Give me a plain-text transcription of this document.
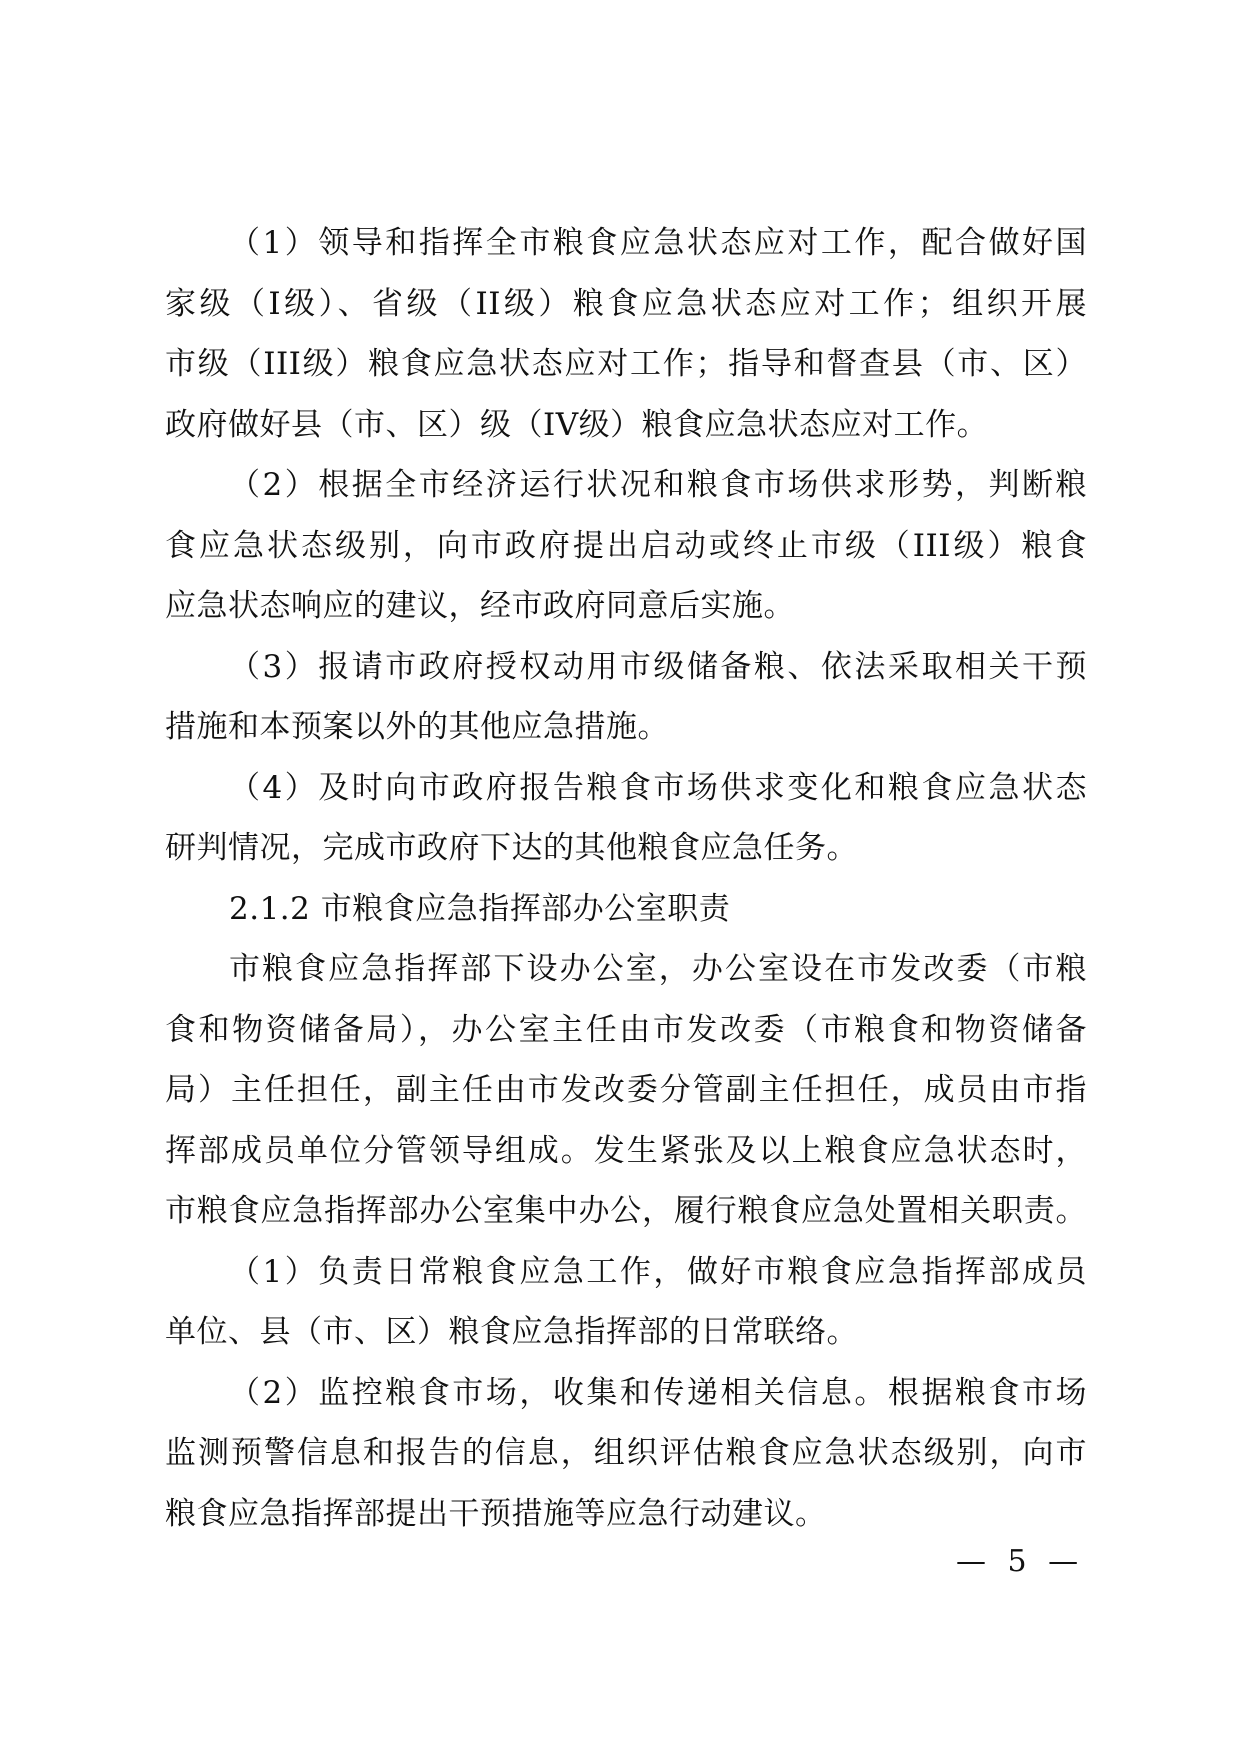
（1）领导和指挥全市粮食应急状态应对工作，配合做好国
家级（Ⅰ级）、省级（II级）粮食应急状态应对工作；组织开展
市级（III级）粮食应急状态应对工作；指导和督查县（市、区）
政府做好县（市、区）级（IV级）粮食应急状态应对工作。
（2）根据全市经济运行状况和粮食市场供求形势，判断粮
食应急状态级别，向市政府提出启动或终止市级（III级）粮食
应急状态响应的建议，经市政府同意后实施。
（3）报请市政府授权动用市级储备粮、依法采取相关干预
措施和本预案以外的其他应急措施。
（4）及时向市政府报告粮食市场供求变化和粮食应急状态
研判情况，完成市政府下达的其他粮食应急任务。
2.1.2 市粮食应急指挥部办公室职责
市粮食应急指挥部下设办公室，办公室设在市发改委（市粮
食和物资储备局），办公室主任由市发改委（市粮食和物资储备
局）主任担任，副主任由市发改委分管副主任担任，成员由市指
挥部成员单位分管领导组成。发生紧张及以上粮食应急状态时，
市粮食应急指挥部办公室集中办公，履行粮食应急处置相关职责。
（1）负责日常粮食应急工作，做好市粮食应急指挥部成员
单位、县（市、区）粮食应急指挥部的日常联络。
（2）监控粮食市场，收集和传递相关信息。根据粮食市场
监测预警信息和报告的信息，组织评估粮食应急状态级别，向市
粮食应急指挥部提出干预措施等应急行动建议。
— 5 —
